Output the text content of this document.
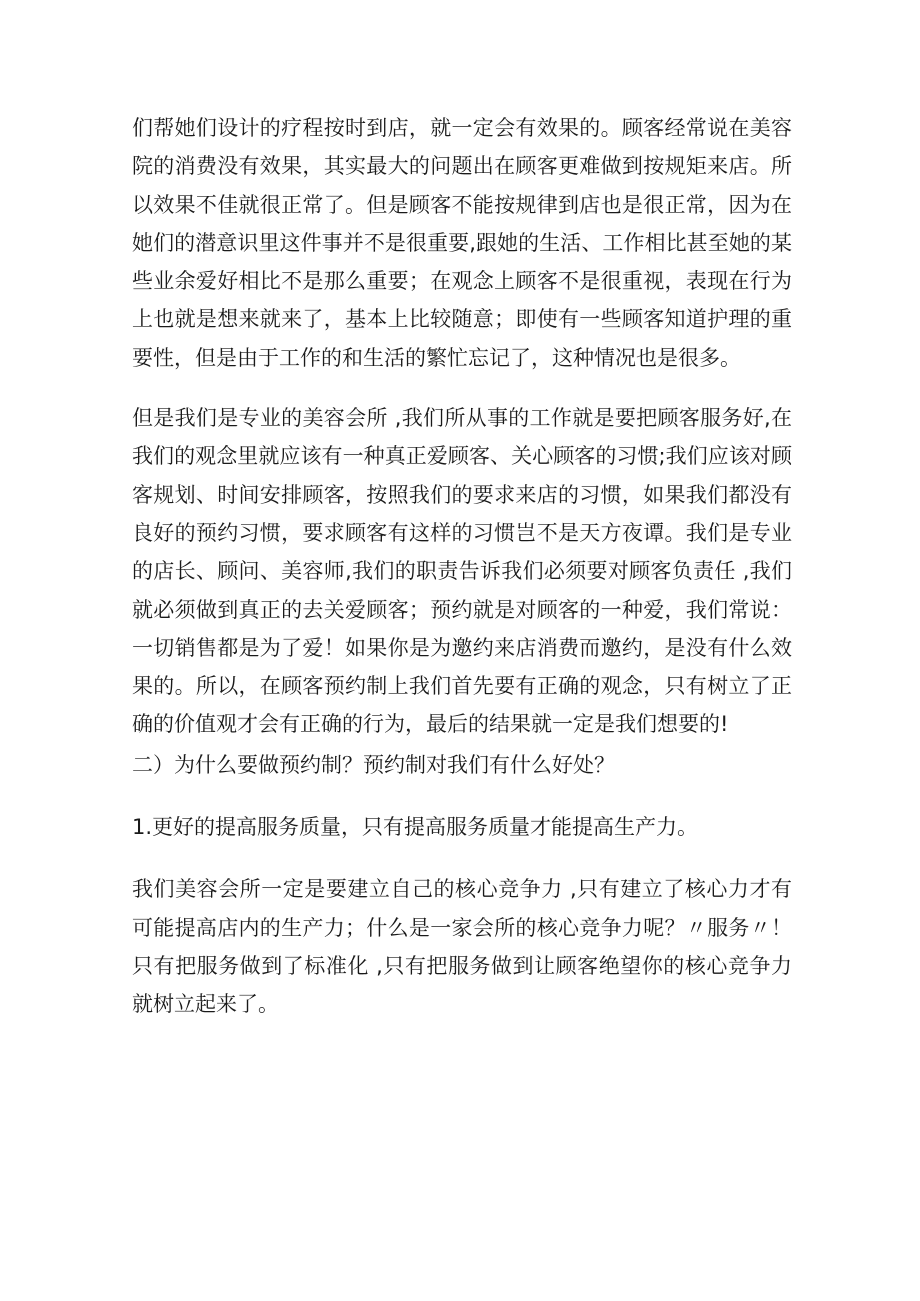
们帮她们设计的疗程按时到店，就一定会有效果的。顾客经常说在美容院的消费没有效果，其实最大的问题出在顾客更难做到按规矩来店。所以效果不佳就很正常了。但是顾客不能按规律到店也是很正常，因为在她们的潜意识里这件事并不是很重要,跟她的生活、工作相比甚至她的某些业余爱好相比不是那么重要；在观念上顾客不是很重视，表现在行为上也就是想来就来了，基本上比较随意；即使有一些顾客知道护理的重要性，但是由于工作的和生活的繁忙忘记了，这种情况也是很多。

但是我们是专业的美容会所 ,我们所从事的工作就是要把顾客服务好,在我们的观念里就应该有一种真正爱顾客、关心顾客的习惯;我们应该对顾客规划、时间安排顾客，按照我们的要求来店的习惯，如果我们都没有良好的预约习惯，要求顾客有这样的习惯岂不是天方夜谭。我们是专业的店长、顾问、美容师,我们的职责告诉我们必须要对顾客负责任 ,我们就必须做到真正的去关爱顾客；预约就是对顾客的一种爱，我们常说：一切销售都是为了爱！如果你是为邀约来店消费而邀约，是没有什么效果的。所以，在顾客预约制上我们首先要有正确的观念，只有树立了正确的价值观才会有正确的行为，最后的结果就一定是我们想要的!

二）为什么要做预约制？预约制对我们有什么好处？

1.更好的提高服务质量，只有提高服务质量才能提高生产力。

我们美容会所一定是要建立自己的核心竞争力 ,只有建立了核心力才有可能提高店内的生产力；什么是一家会所的核心竞争力呢？〃服务〃！只有把服务做到了标准化 ,只有把服务做到让顾客绝望你的核心竞争力就树立起来了。
